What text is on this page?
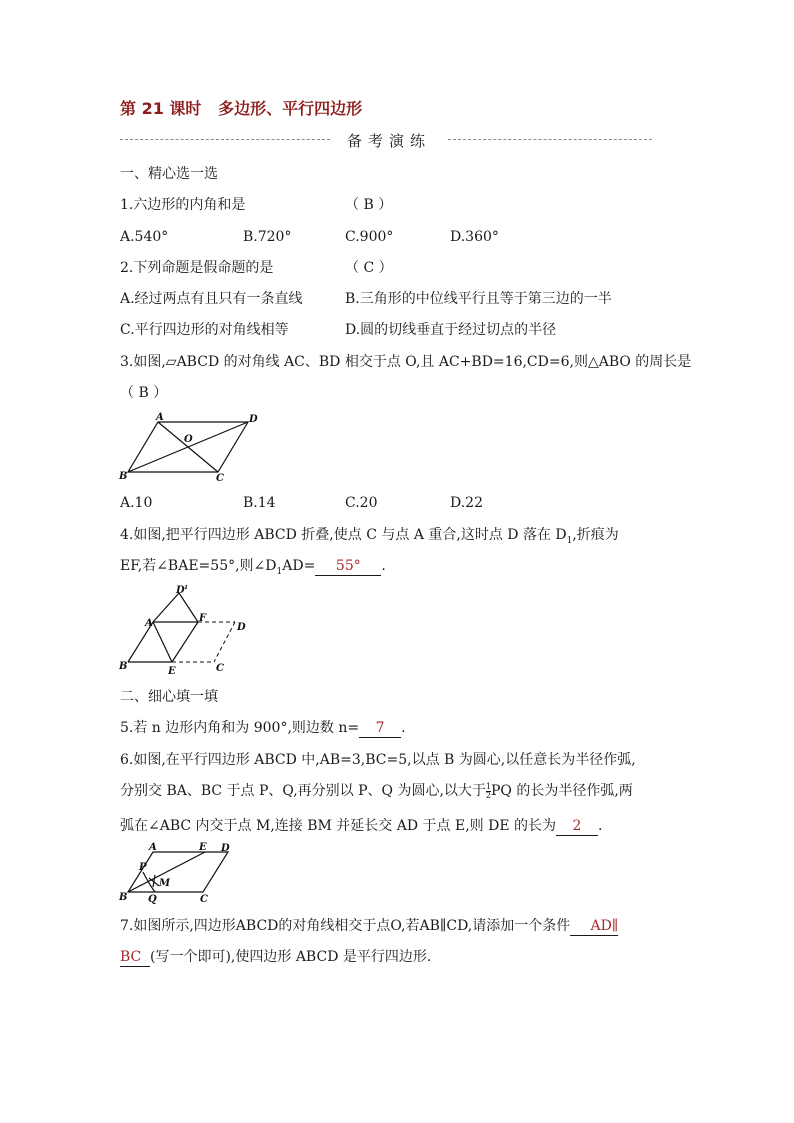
第 21 课时   多边形、平行四边形
备考演练
一、精心选一选
1.六边形的内角和是	（ B ）
A.540°	B.720°	C.900°	D.360°
2.下列命题是假命题的是	（ C ）
A.经过两点有且只有一条直线	B.三角形的中位线平行且等于第三边的一半
C.平行四边形的对角线相等	D.圆的切线垂直于经过切点的半径
3.如图,▱ABCD 的对角线 AC、BD 相交于点 O,且 AC+BD=16,CD=6,则△ABO 的周长是
（ B ）
A	D
B	C
O
A.10	B.14	C.20	D.22
4.如图,把平行四边形 ABCD 折叠,使点 C 与点 A 重合,这时点 D 落在 $D_1$,折痕为
EF,若∠BAE=55°,则$\angle D_1AD= 55^\circ$ .
A
B	E
F
D
C
D 1
二、细心填一填
5.若 n 边形内角和为 900°,则边数 n= 7 .
6.如图,在平行四边形 ABCD 中,AB=3,BC=5,以点 B 为圆心,以任意长为半径作弧,
分别交 BA、BC 于点 P、Q,再分别以 P、Q 为圆心,以大于 $\frac{1}{2}$ PQ 的长为半径作弧,两
弧在∠ABC 内交于点 M,连接 BM 并延长交 AD 于点 E,则 DE 的长为 2 .
A	E D
P
M
B Q	C
7.如图所示,四边形ABCD的对角线相交于点O,若AB∥CD,请添加一个条件 AD∥
BC (写一个即可),使四边形 ABCD 是平行四边形.
